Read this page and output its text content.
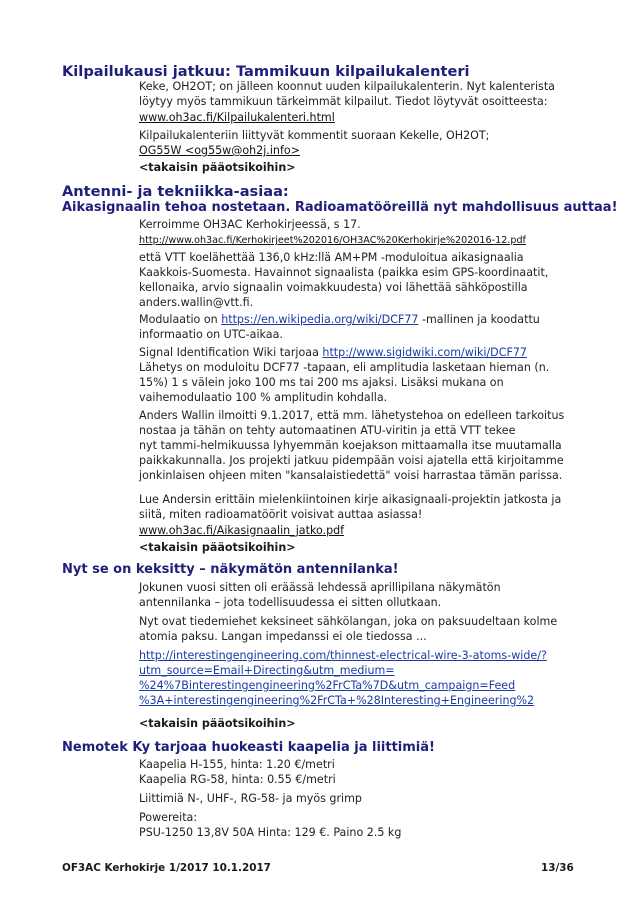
Kilpailukausi jatkuu: Tammikuun kilpailukalenteri
Keke, OH2OT; on jälleen koonnut uuden kilpailukalenterin. Nyt kalenterista
löytyy myös tammikuun tärkeimmät kilpailut. Tiedot löytyvät osoitteesta:
www.oh3ac.fi/Kilpailukalenteri.html
Kilpailukalenteriin liittyvät kommentit suoraan Kekelle, OH2OT;
OG55W <og55w@oh2j.info>
<takaisin pääotsikoihin>
Antenni- ja tekniikka-asiaa:
Aikasignaalin tehoa nostetaan. Radioamatööreillä nyt mahdollisuus auttaa!
Kerroimme OH3AC Kerhokirjeessä, s 17.
http://www.oh3ac.fi/Kerhokirjeet%202016/OH3AC%20Kerhokirje%202016-12.pdf
että VTT koelähettää 136,0 kHz:llä AM+PM -moduloitua aikasignaalia
Kaakkois-Suomesta. Havainnot signaalista (paikka esim GPS-koordinaatit,
kellonaika, arvio signaalin voimakkuudesta) voi lähettää sähköpostilla
anders.wallin@vtt.fi.
Modulaatio on https://en.wikipedia.org/wiki/DCF77 -mallinen ja koodattu
informaatio on UTC-aikaa.
Signal Identification Wiki tarjoaa http://www.sigidwiki.com/wiki/DCF77
Lähetys on moduloitu DCF77 -tapaan, eli amplitudia lasketaan hieman (n.
15%) 1 s välein joko 100 ms tai 200 ms ajaksi. Lisäksi mukana on
vaihemodulaatio 100 % amplitudin kohdalla.
Anders Wallin ilmoitti 9.1.2017, että mm. lähetystehoa on edelleen tarkoitus
nostaa ja tähän on tehty automaatinen ATU-viritin ja että VTT tekee
nyt tammi-helmikuussa lyhyemmän koejakson mittaamalla itse muutamalla
paikkakunnalla. Jos projekti jatkuu pidempään voisi ajatella että kirjoitamme
jonkinlaisen ohjeen miten "kansalaistiedettä" voisi harrastaa tämän parissa.
Lue Andersin erittäin mielenkiintoinen kirje aikasignaali-projektin jatkosta ja
siitä, miten radioamatöörit voisivat auttaa asiassa!
www.oh3ac.fi/Aikasignaalin_jatko.pdf
<takaisin pääotsikoihin>
Nyt se on keksitty – näkymätön antennilanka!
Jokunen vuosi sitten oli eräässä lehdessä aprillipilana näkymätön
antennilanka – jota todellisuudessa ei sitten ollutkaan.
Nyt ovat tiedemiehet keksineet sähkölangan, joka on paksuudeltaan kolme
atomia paksu. Langan impedanssi ei ole tiedossa ...
http://interestingengineering.com/thinnest-electrical-wire-3-atoms-wide/?
utm_source=Email+Directing&utm_medium=
%24%7Binterestingengineering%2FrCTa%7D&utm_campaign=Feed
%3A+interestingengineering%2FrCTa+%28Interesting+Engineering%2
<takaisin pääotsikoihin>
Nemotek Ky tarjoaa huokeasti kaapelia ja liittimiä!
Kaapelia H-155, hinta: 1.20 €/metri
Kaapelia RG-58, hinta: 0.55 €/metri
Liittimiä N-, UHF-, RG-58- ja myös grimp
Powereita:
PSU-1250 13,8V 50A Hinta: 129 €. Paino 2.5 kg
OF3AC Kerhokirje 1/2017 10.1.2017	13/36
